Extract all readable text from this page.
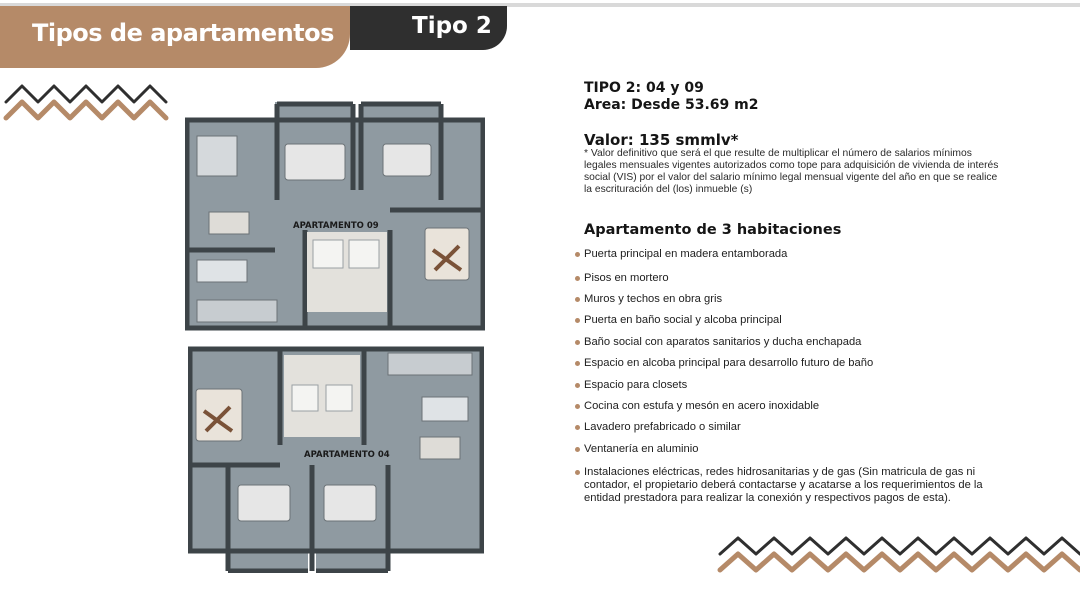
Tipos de apartamentos	Tipo 2
APARTAMENTO 09
APARTAMENTO 04
TIPO 2: 04 y 09
Area: Desde 53.69 m2
Valor: 135 smmlv*
* Valor definitivo que será el que resulte de multiplicar el número de salarios mínimos legales mensuales vigentes autorizados como tope para adquisición de vivienda de interés social (VIS) por el valor del salario mínimo legal mensual vigente del año en que se realice la escrituración del (los) inmueble (s)
Apartamento de 3 habitaciones
Puerta principal en madera entamborada
Pisos en mortero
Muros y techos en obra gris
Puerta en baño social y alcoba principal
Baño social con aparatos sanitarios y ducha enchapada
Espacio en alcoba principal para desarrollo futuro de baño
Espacio para closets
Cocina con estufa y mesón en acero inoxidable
Lavadero prefabricado o similar
Ventanería en aluminio
Instalaciones eléctricas, redes hidrosanitarias y de gas (Sin matricula de gas ni contador, el propietario deberá contactarse y acatarse a los requerimientos de la entidad prestadora para realizar la conexión y respectivos pagos de esta).
